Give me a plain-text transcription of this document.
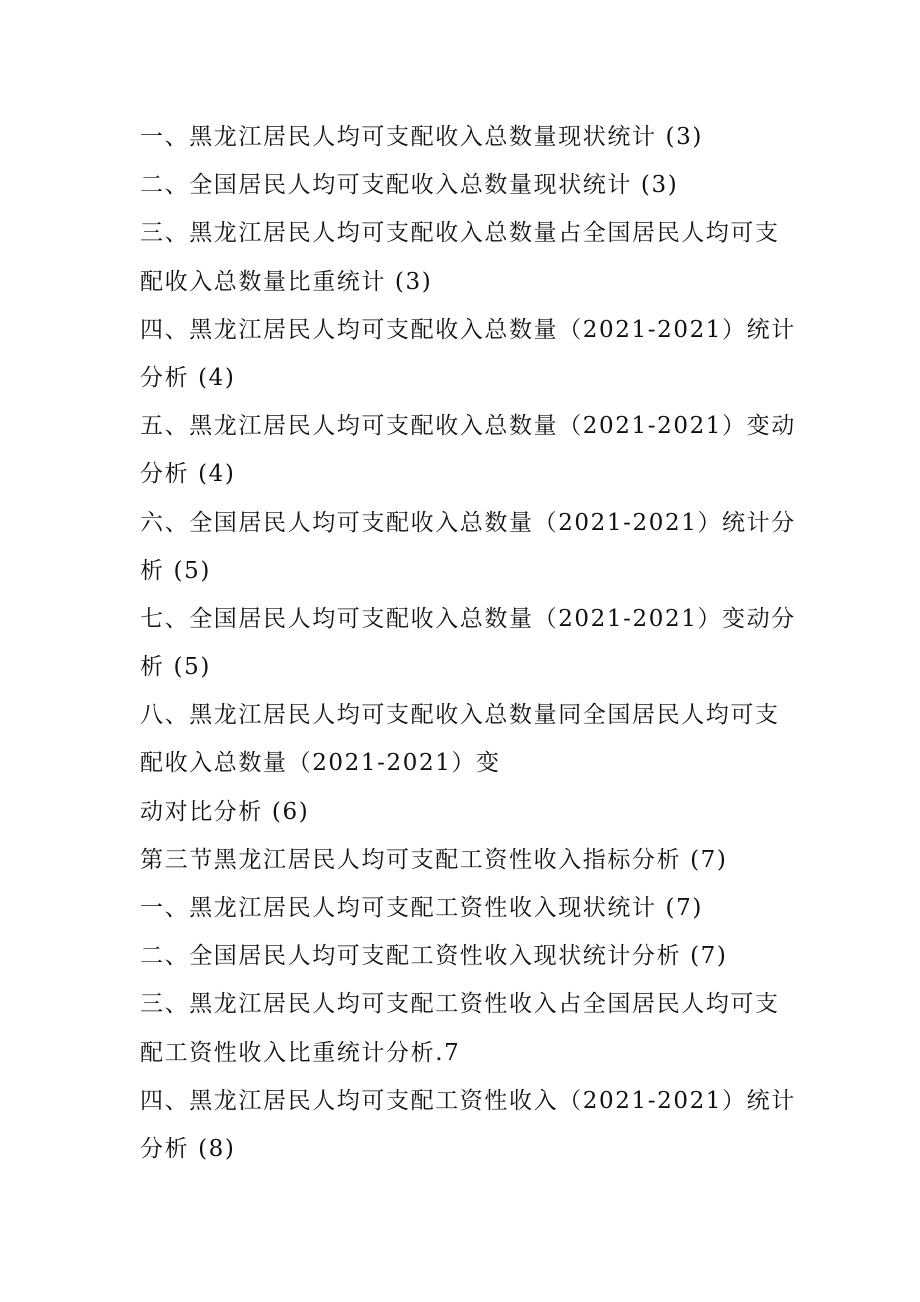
一、黑龙江居民人均可支配收入总数量现状统计 (3)
二、全国居民人均可支配收入总数量现状统计 (3)
三、黑龙江居民人均可支配收入总数量占全国居民人均可支
配收入总数量比重统计 (3)
四、黑龙江居民人均可支配收入总数量（2021-2021）统计
分析 (4)
五、黑龙江居民人均可支配收入总数量（2021-2021）变动
分析 (4)
六、全国居民人均可支配收入总数量（2021-2021）统计分
析 (5)
七、全国居民人均可支配收入总数量（2021-2021）变动分
析 (5)
八、黑龙江居民人均可支配收入总数量同全国居民人均可支
配收入总数量（2021-2021）变
动对比分析 (6)
第三节黑龙江居民人均可支配工资性收入指标分析 (7)
一、黑龙江居民人均可支配工资性收入现状统计 (7)
二、全国居民人均可支配工资性收入现状统计分析 (7)
三、黑龙江居民人均可支配工资性收入占全国居民人均可支
配工资性收入比重统计分析.7
四、黑龙江居民人均可支配工资性收入（2021-2021）统计
分析 (8)
